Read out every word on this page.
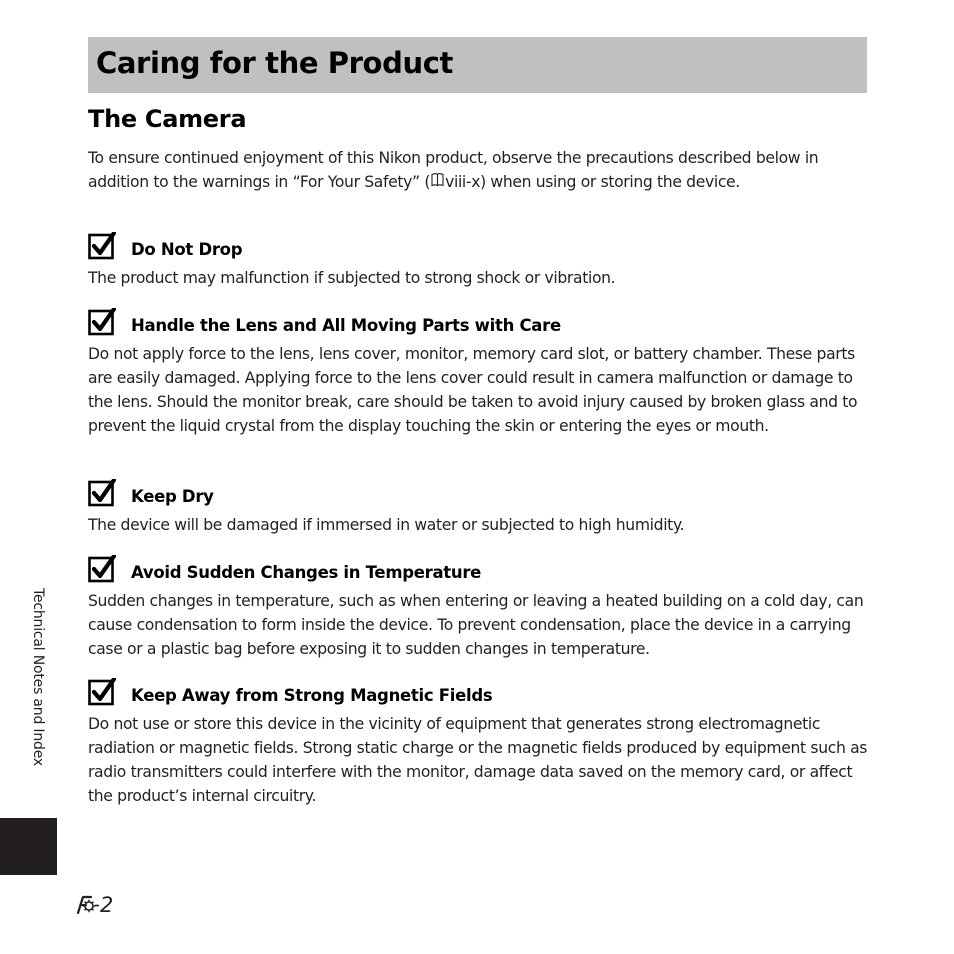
Caring for the Product
The Camera

To ensure continued enjoyment of this Nikon product, observe the precautions described below in addition to the warnings in “For Your Safety” ( viii-x) when using or storing the device.

Do Not Drop

The product may malfunction if subjected to strong shock or vibration.

Handle the Lens and All Moving Parts with Care

Do not apply force to the lens, lens cover, monitor, memory card slot, or battery chamber. These parts are easily damaged. Applying force to the lens cover could result in camera malfunction or damage to the lens. Should the monitor break, care should be taken to avoid injury caused by broken glass and to prevent the liquid crystal from the display touching the skin or entering the eyes or mouth.

Keep Dry

The device will be damaged if immersed in water or subjected to high humidity.

Avoid Sudden Changes in Temperature

Sudden changes in temperature, such as when entering or leaving a heated building on a cold day, can cause condensation to form inside the device. To prevent condensation, place the device in a carrying case or a plastic bag before exposing it to sudden changes in temperature.

Keep Away from Strong Magnetic Fields

Do not use or store this device in the vicinity of equipment that generates strong electromagnetic radiation or magnetic fields. Strong static charge or the magnetic fields produced by equipment such as radio transmitters could interfere with the monitor, damage data saved on the memory card, or affect the product’s internal circuitry.

Technical Notes and Index
2
